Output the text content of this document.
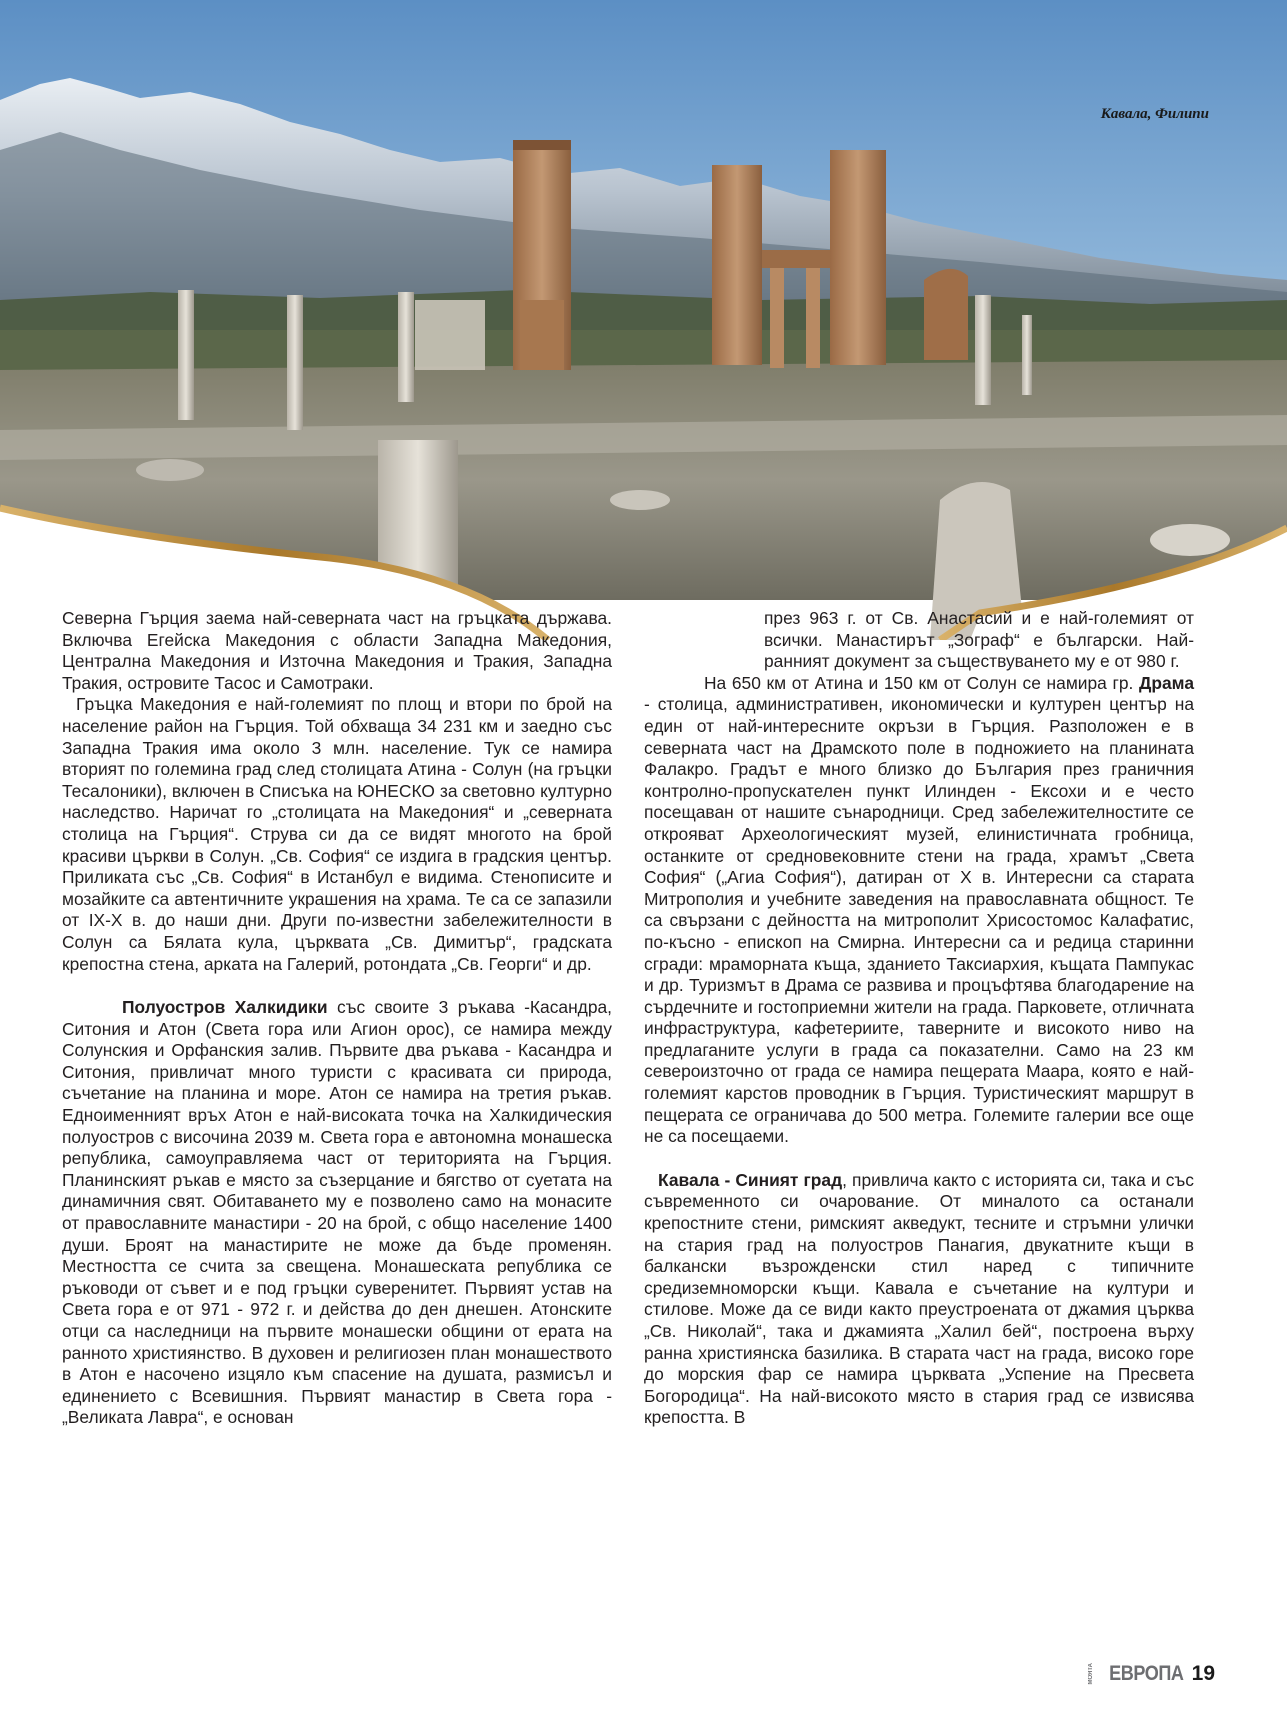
Кавала, Филипи

Северна Гърция заема най-северната част на гръцката държава. Включва Егейска Македония с области Западна Македония, Централна Македония и Източна Македония и Тракия, Западна Тракия, островите Тасос и Самотраки.

Гръцка Македония е най-големият по площ и втори по брой на население район на Гърция. Той обхваща 34 231 км и заедно със Западна Тракия има около 3 млн. население. Тук се намира вторият по големина град след столицата Атина - Солун (на гръцки Тесалоники), включен в Списъка на ЮНЕСКО за световно културно наследство. Наричат го „столицата на Македония“ и „северната столица на Гърция“. Струва си да се видят многото на брой красиви църкви в Солун. „Св. София“ се издига в градския център. Приликата със „Св. София“ в Истанбул е видима. Стенописите и мозайките са автентичните украшения на храма. Те са се запазили от IX-X в. до наши дни. Други по-известни забележителности в Солун са Бялата кула, църквата „Св. Димитър“, градската крепостна стена, арката на Галерий, ротондата „Св. Георги“ и др.

Полуостров Халкидики със своите 3 ръкава -Касандра, Ситония и Атон (Света гора или Агион орос), се намира между Солунския и Орфанския залив. Първите два ръкава - Касандра и Ситония, привличат много туристи с красивата си природа, съчетание на планина и море. Атон се намира на третия ръкав. Едноименният връх Атон е най-високата точка на Халкидическия полуостров с височина 2039 м. Света гора е автономна монашеска република, самоуправляема част от територията на Гърция. Планинският ръкав е място за съзерцание и бягство от суетата на динамичния свят. Обитаването му е позволено само на монасите от православните манастири - 20 на брой, с общо население 1400 души. Броят на манастирите не може да бъде променян. Местността се счита за свещена. Монашеската република се ръководи от съвет и е под гръцки суверенитет. Първият устав на Света гора е от 971 - 972 г. и действа до ден днешен. Атонските отци са наследници на първите монашески общини от ерата на ранното християнство. В духовен и религиозен план монашеството в Атон е насочено изцяло към спасение на душата, размисъл и единението с Всевишния. Първият манастир в Света гора - „Великата Лавра“, е основан

през 963 г. от Св. Анастасий и е най-големият от всички. Манастирът „Зограф“ е български. Най-ранният документ за съществуването му е от 980 г.

На 650 км от Атина и 150 км от Солун се намира гр. Драма - столица, административен, икономически и културен център на един от най-интересните окръзи в Гърция. Разположен е в северната част на Драмското поле в подножието на планината Фалакро. Градът е много близко до България през граничния контролно-пропускателен пункт Илинден - Ексохи и е често посещаван от нашите сънародници. Сред забележителностите се открояват Археологическият музей, елинистичната гробница, останките от средновековните стени на града, храмът „Света София“ („Агиа София“), датиран от X в. Интересни са старата Митрополия и учебните заведения на православната общност. Те са свързани с дейността на митрополит Хрисостомос Калафатис, по-късно - епископ на Смирна. Интересни са и редица старинни сгради: мраморната къща, зданието Таксиархия, къщата Пампукас и др. Туризмът в Драма се развива и процъфтява благодарение на сърдечните и гостоприемни жители на града. Парковете, отличната инфраструктура, кафетериите, тавернитe и високото ниво на предлаганите услуги в града са показателни. Само на 23 км североизточно от града се намира пещерата Маара, която е най-големият карстов проводник в Гърция. Туристическият маршрут в пещерата се ограничава до 500 метра. Големите галерии все още не са посещаеми.

Кавала - Синият град, привлича както с историята си, така и със съвременното си очарование. От миналото са останали крепостните стени, римският акведукт, тесните и стръмни улички на стария град на полуостров Панагия, двукатните къщи в балкански възрожденски стил наред с типичните средиземноморски къщи. Кавала е съчетание на култури и стилове. Може да се види както преустроената от джамия църква „Св. Николай“, така и джамията „Халил бей“, построена върху ранна християнска базилика. В старата част на града, високо горе до морския фар се намира църквата „Успение на Пресвета Богородица“. На най-високото място в стария град се извисява крепостта. В

МОЯТА ЕВРОПА 19
